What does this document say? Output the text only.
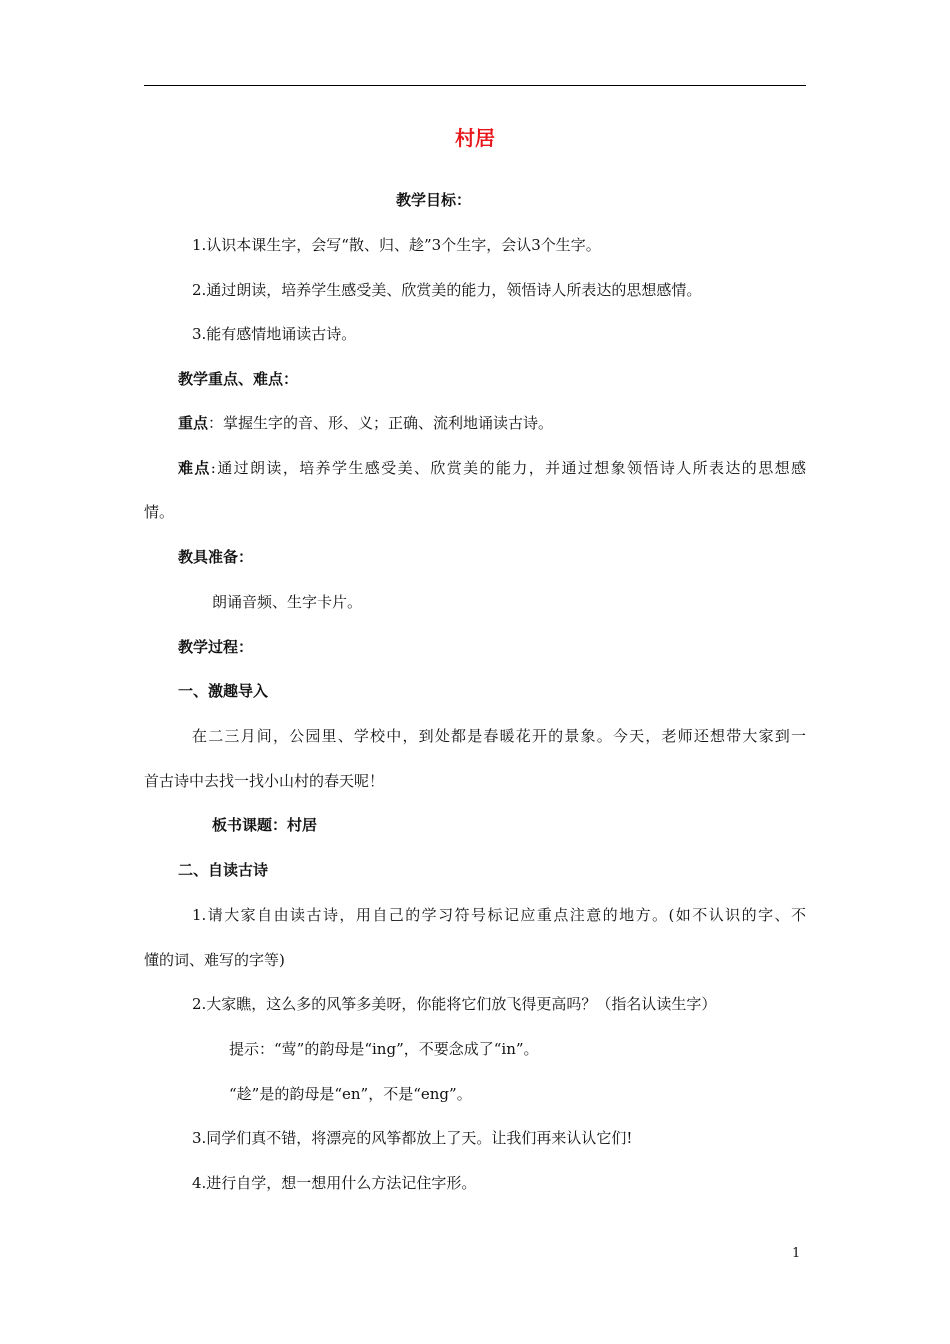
村居
教学目标：
1.认识本课生字，会写“散、归、趁”3个生字，会认3个生字。
2.通过朗读，培养学生感受美、欣赏美的能力，领悟诗人所表达的思想感情。
3.能有感情地诵读古诗。
教学重点、难点：
重点：掌握生字的音、形、义；正确、流利地诵读古诗。
难点:通过朗读，培养学生感受美、欣赏美的能力，并通过想象领悟诗人所表达的思想感
情。
教具准备：
朗诵音频、生字卡片。
教学过程：
一、激趣导入
在二三月间，公园里、学校中，到处都是春暖花开的景象。今天，老师还想带大家到一
首古诗中去找一找小山村的春天呢！
板书课题：村居
二、自读古诗
1.请大家自由读古诗，用自己的学习符号标记应重点注意的地方。(如不认识的字、不
懂的词、难写的字等)
2.大家瞧，这么多的风筝多美呀，你能将它们放飞得更高吗？（指名认读生字）
提示：“莺”的韵母是“ing”，不要念成了“in”。
“趁”是的韵母是“en”，不是“eng”。
3.同学们真不错，将漂亮的风筝都放上了天。让我们再来认认它们!
4.进行自学，想一想用什么方法记住字形。
1
